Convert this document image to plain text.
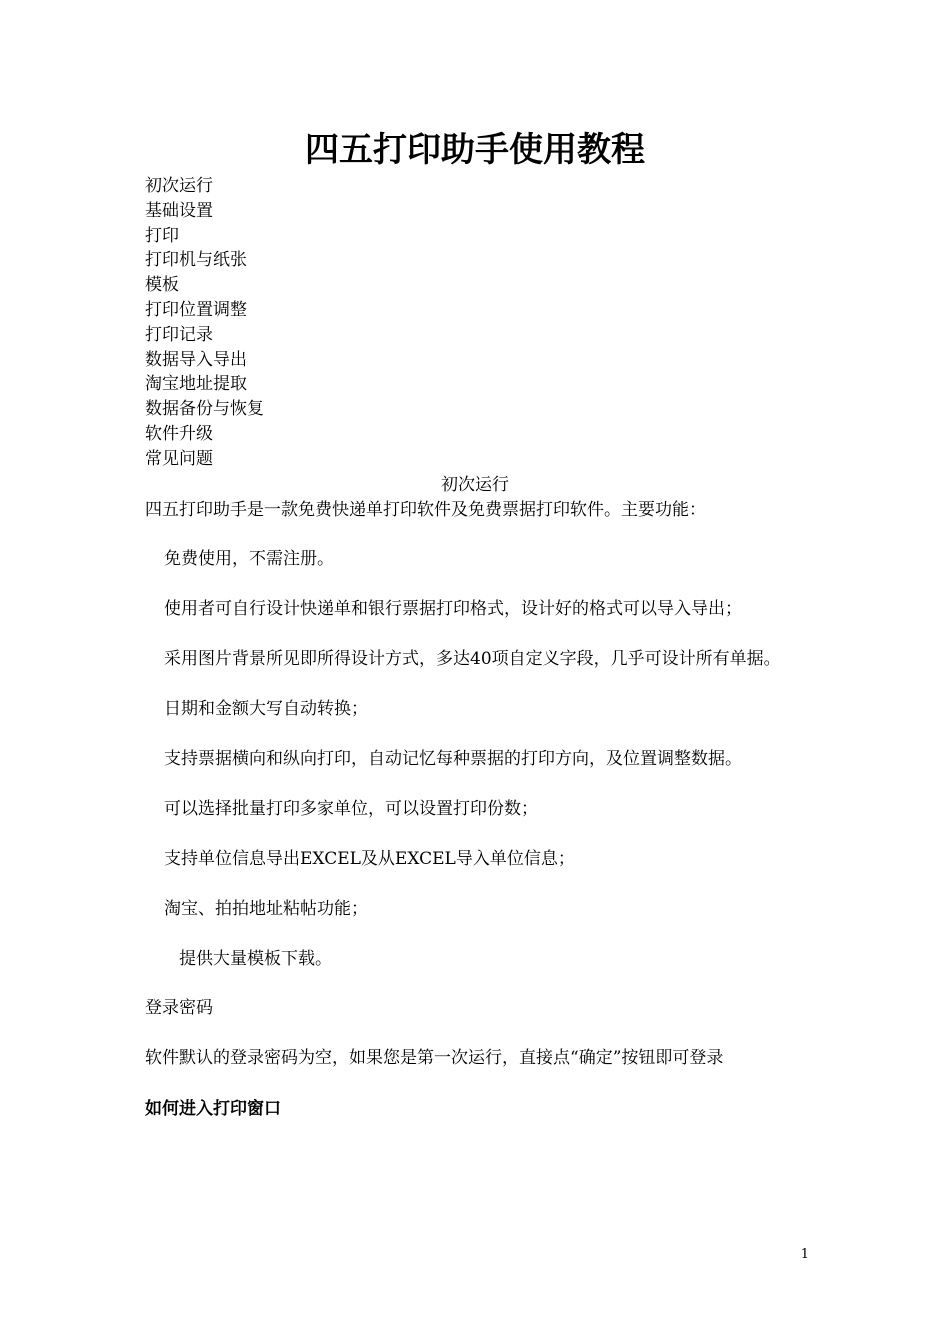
四五打印助手使用教程
初次运行
基础设置
打印
打印机与纸张
模板
打印位置调整
打印记录
数据导入导出
淘宝地址提取
数据备份与恢复
软件升级
常见问题
初次运行
四五打印助手是一款免费快递单打印软件及免费票据打印软件。主要功能：
免费使用，不需注册。
使用者可自行设计快递单和银行票据打印格式，设计好的格式可以导入导出；
采用图片背景所见即所得设计方式，多达40项自定义字段，几乎可设计所有单据。
日期和金额大写自动转换；
支持票据横向和纵向打印，自动记忆每种票据的打印方向，及位置调整数据。
可以选择批量打印多家单位，可以设置打印份数；
支持单位信息导出EXCEL及从EXCEL导入单位信息；
淘宝、拍拍地址粘帖功能；
提供大量模板下载。
登录密码
软件默认的登录密码为空，如果您是第一次运行，直接点“确定”按钮即可登录
如何进入打印窗口
1
